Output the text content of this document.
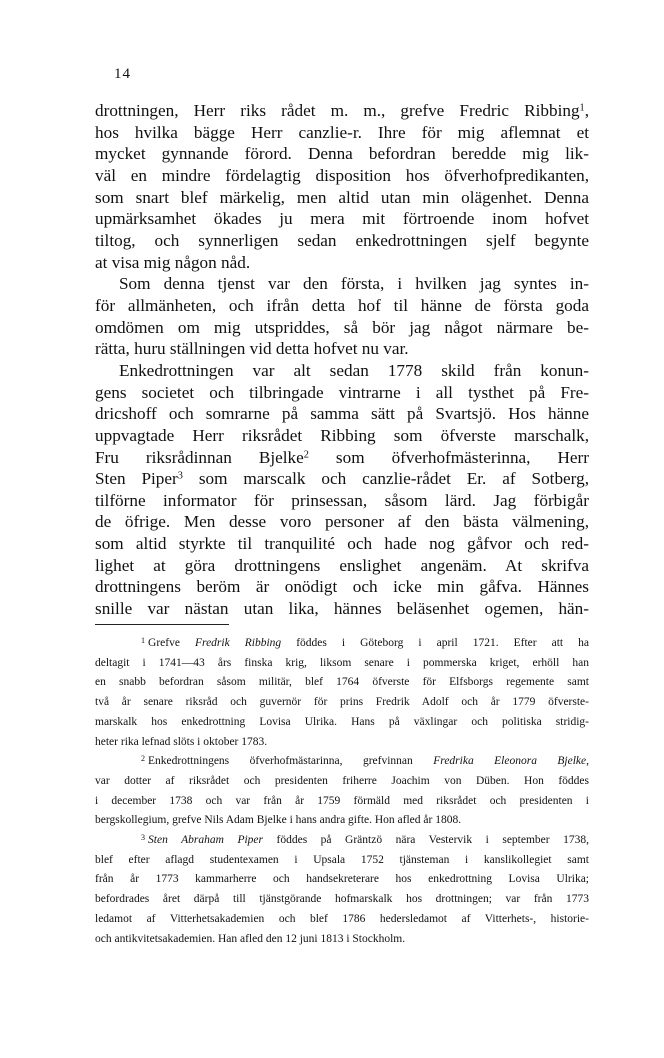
14
drottningen, Herr riks rådet m. m., grefve Fredric Ribbing$^1$,
hos hvilka bägge Herr canzlie-r. Ihre för mig aflemnat et
mycket gynnande förord. Denna befordran beredde mig lik-
väl en mindre fördelagtig disposition hos öfverhofpredikanten,
som snart blef märkelig, men altid utan min olägenhet. Denna
upmärksamhet ökades ju mera mit förtroende inom hofvet
tiltog, och synnerligen sedan enkedrottningen sjelf begynte
at visa mig någon nåd.
Som denna tjenst var den första, i hvilken jag syntes in-
för allmänheten, och ifrån detta hof til hänne de första goda
omdömen om mig utspriddes, så bör jag något närmare be-
rätta, huru ställningen vid detta hofvet nu var.
Enkedrottningen var alt sedan 1778 skild från konun-
gens societet och tilbringade vintrarne i all tysthet på Fre-
dricshoff och somrarne på samma sätt på Svartsjö. Hos hänne
uppvagtade Herr riksrådet Ribbing som öfverste marschalk,
Fru riksrådinnan Bjelke$^2$ som öfverhofmästerinna, Herr
Sten Piper$^3$ som marscalk och canzlie-rådet Er. af Sotberg,
tilförne informator för prinsessan, såsom lärd. Jag förbigår
de öfrige. Men desse voro personer af den bästa välmening,
som altid styrkte til tranquilité och hade nog gåfvor och red-
lighet at göra drottningens enslighet angenäm. At skrifva
drottningens beröm är onödigt och icke min gåfva. Hännes
snille var nästan utan lika, hännes beläsenhet ogemen, hän-
$^1$ Grefve Fredrik Ribbing föddes i Göteborg i april 1721. Efter att ha
deltagit i 1741—43 års finska krig, liksom senare i pommerska kriget, erhöll han
en snabb befordran såsom militär, blef 1764 öfverste för Elfsborgs regemente samt
två år senare riksråd och guvernör för prins Fredrik Adolf och år 1779 öfverste-
marskalk hos enkedrottning Lovisa Ulrika. Hans på växlingar och politiska stridig-
heter rika lefnad slöts i oktober 1783.
$^2$ Enkedrottningens öfverhofmästarinna, grefvinnan Fredrika Eleonora Bjelke,
var dotter af riksrådet och presidenten friherre Joachim von Düben. Hon föddes
i december 1738 och var från år 1759 förmäld med riksrådet och presidenten i
bergskollegium, grefve Nils Adam Bjelke i hans andra gifte. Hon afled år 1808.
$^3$ Sten Abraham Piper föddes på Gräntzö nära Vestervik i september 1738,
blef efter aflagd studentexamen i Upsala 1752 tjänsteman i kanslikollegiet samt
från år 1773 kammarherre och handsekreterare hos enkedrottning Lovisa Ulrika;
befordrades året därpå till tjänstgörande hofmarskalk hos drottningen; var från 1773
ledamot af Vitterhetsakademien och blef 1786 hedersledamot af Vitterhets-, historie-
och antikvitetsakademien. Han afled den 12 juni 1813 i Stockholm.
